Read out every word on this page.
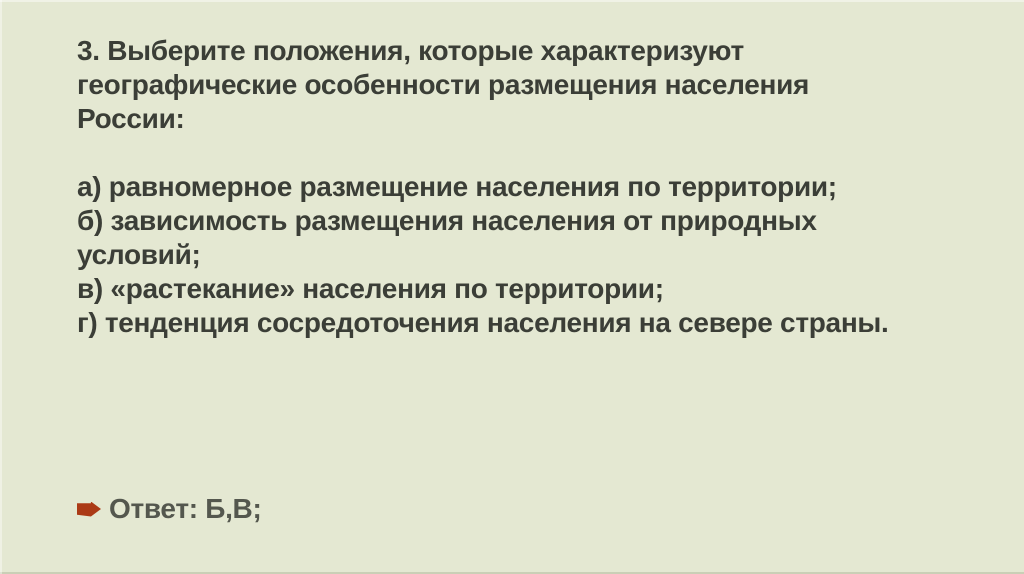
3. Выберите положения, которые характеризуют
географические особенности размещения населения
России:
а) равномерное размещение населения по территории;
б) зависимость размещения населения от природных
условий;
в) «растекание» населения по территории;
г) тенденция сосредоточения населения на севере страны.
Ответ: Б,В;
